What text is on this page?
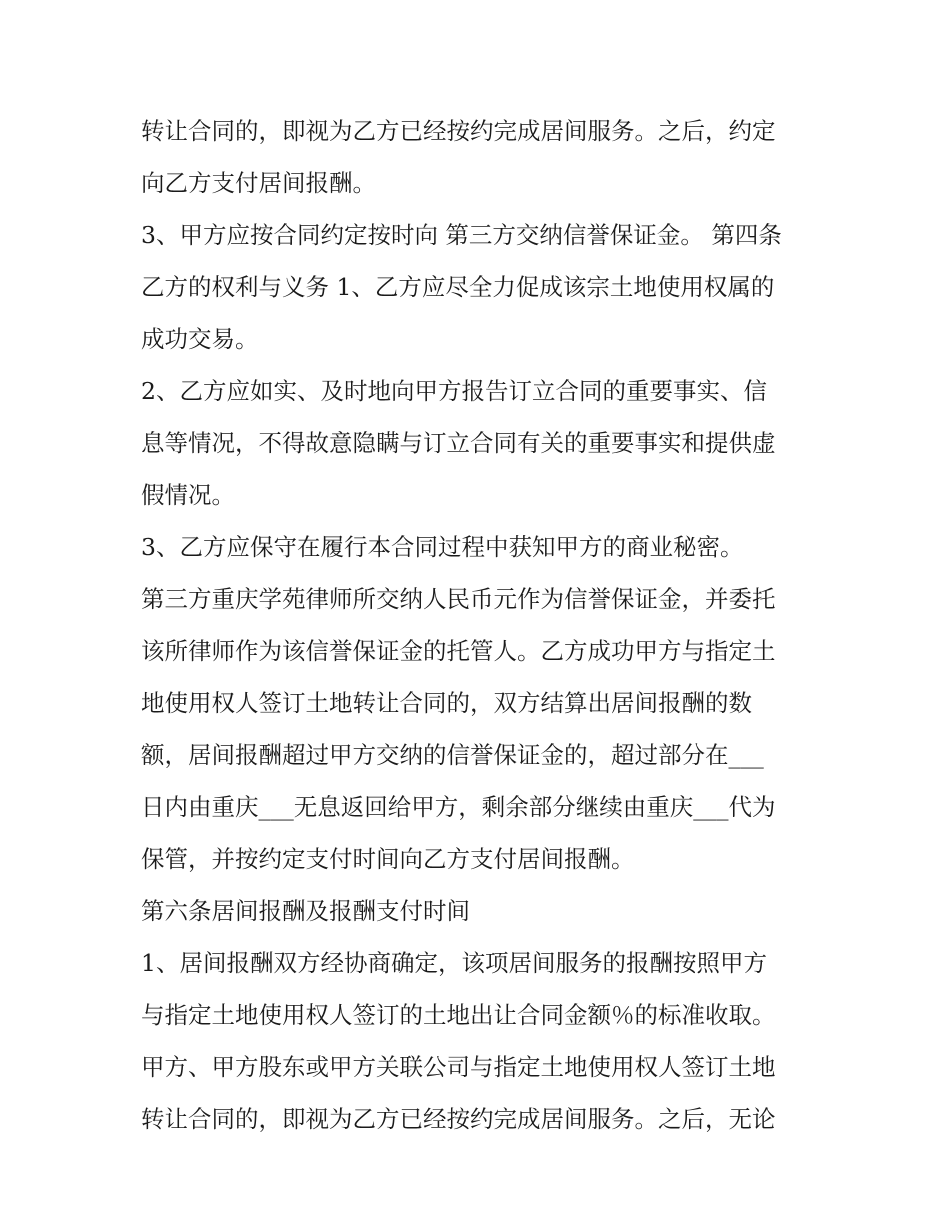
转让合同的，即视为乙方已经按约完成居间服务。之后，约定
向乙方支付居间报酬。
3、甲方应按合同约定按时向 第三方交纳信誉保证金。 第四条
乙方的权利与义务 1、乙方应尽全力促成该宗土地使用权属的
成功交易。
2、乙方应如实、及时地向甲方报告订立合同的重要事实、信
息等情况，不得故意隐瞒与订立合同有关的重要事实和提供虚
假情况。
3、乙方应保守在履行本合同过程中获知甲方的商业秘密。
第三方重庆学苑律师所交纳人民币元作为信誉保证金，并委托
该所律师作为该信誉保证金的托管人。乙方成功甲方与指定土
地使用权人签订土地转让合同的，双方结算出居间报酬的数
额，居间报酬超过甲方交纳的信誉保证金的，超过部分在___
日内由重庆___无息返回给甲方，剩余部分继续由重庆___代为
保管，并按约定支付时间向乙方支付居间报酬。
第六条居间报酬及报酬支付时间
1、居间报酬双方经协商确定，该项居间服务的报酬按照甲方
与指定土地使用权人签订的土地出让合同金额％的标准收取。
甲方、甲方股东或甲方关联公司与指定土地使用权人签订土地
转让合同的，即视为乙方已经按约完成居间服务。之后，无论
